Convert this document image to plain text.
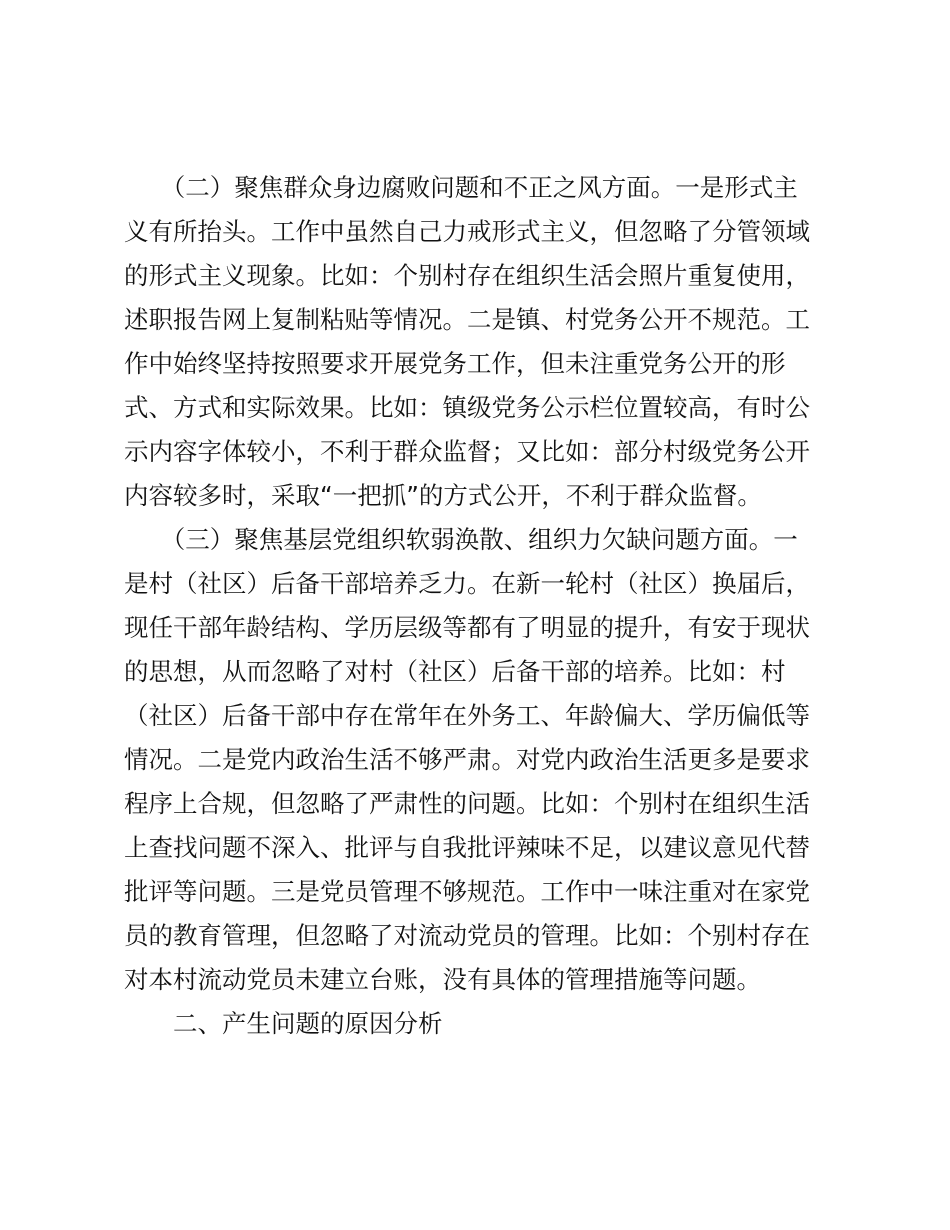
　　（二）聚焦群众身边腐败问题和不正之风方面。一是形式主
义有所抬头。工作中虽然自己力戒形式主义，但忽略了分管领域
的形式主义现象。比如：个别村存在组织生活会照片重复使用，
述职报告网上复制粘贴等情况。二是镇、村党务公开不规范。工
作中始终坚持按照要求开展党务工作，但未注重党务公开的形
式、方式和实际效果。比如：镇级党务公示栏位置较高，有时公
示内容字体较小，不利于群众监督；又比如：部分村级党务公开
内容较多时，采取“一把抓”的方式公开，不利于群众监督。
　　（三）聚焦基层党组织软弱涣散、组织力欠缺问题方面。一
是村（社区）后备干部培养乏力。在新一轮村（社区）换届后，
现任干部年龄结构、学历层级等都有了明显的提升，有安于现状
的思想，从而忽略了对村（社区）后备干部的培养。比如：村
（社区）后备干部中存在常年在外务工、年龄偏大、学历偏低等
情况。二是党内政治生活不够严肃。对党内政治生活更多是要求
程序上合规，但忽略了严肃性的问题。比如：个别村在组织生活
上查找问题不深入、批评与自我批评辣味不足，以建议意见代替
批评等问题。三是党员管理不够规范。工作中一味注重对在家党
员的教育管理，但忽略了对流动党员的管理。比如：个别村存在
对本村流动党员未建立台账，没有具体的管理措施等问题。
　　二、产生问题的原因分析
